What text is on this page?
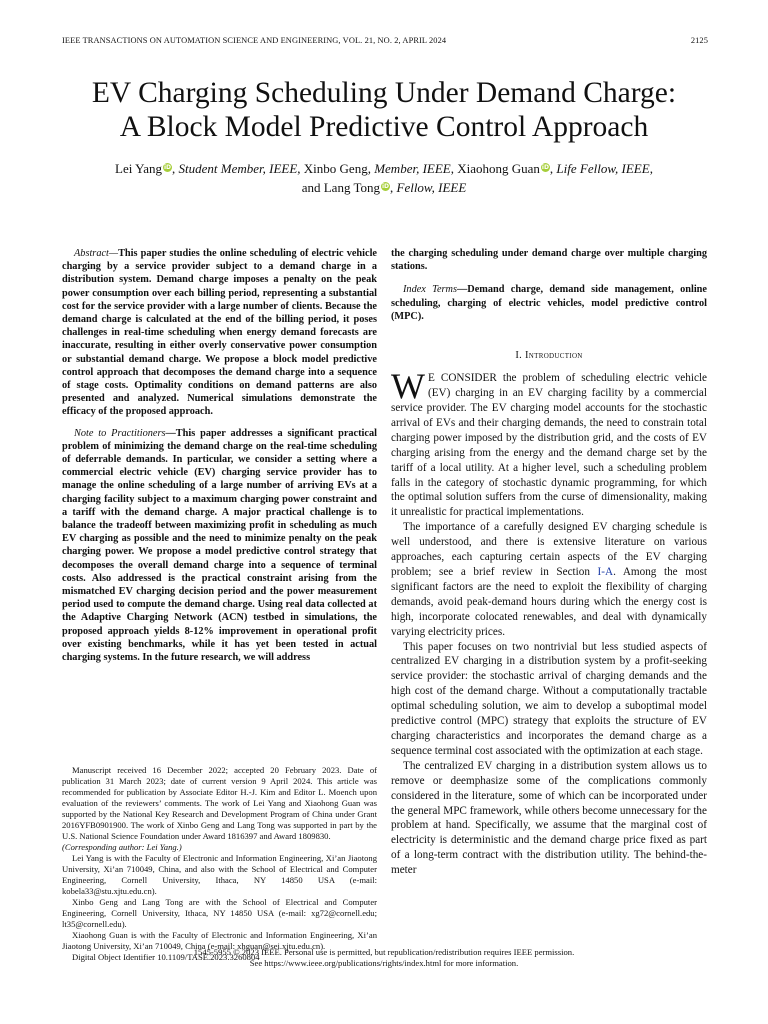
IEEE TRANSACTIONS ON AUTOMATION SCIENCE AND ENGINEERING, VOL. 21, NO. 2, APRIL 2024	2125
EV Charging Scheduling Under Demand Charge:
A Block Model Predictive Control Approach
Lei Yang iD, Student Member, IEEE, Xinbo Geng, Member, IEEE, Xiaohong Guan iD, Life Fellow, IEEE,
and Lang Tong iD, Fellow, IEEE

Abstract—This paper studies the online scheduling of electric vehicle charging by a service provider subject to a demand charge in a distribution system. Demand charge imposes a penalty on the peak power consumption over each billing period, representing a substantial cost for the service provider with a large number of clients. Because the demand charge is calculated at the end of the billing period, it poses challenges in real-time scheduling when energy demand forecasts are inaccurate, resulting in either overly conservative power consumption or substantial demand charge. We propose a block model predictive control approach that decomposes the demand charge into a sequence of stage costs. Optimality conditions on demand patterns are also presented and analyzed. Numerical simulations demonstrate the efficacy of the proposed approach.

Note to Practitioners—This paper addresses a significant practical problem of minimizing the demand charge on the real-time scheduling of deferrable demands. In particular, we consider a setting where a commercial electric vehicle (EV) charging service provider has to manage the online scheduling of a large number of arriving EVs at a charging facility subject to a maximum charging power constraint and a tariff with the demand charge. A major practical challenge is to balance the tradeoff between maximizing profit in scheduling as much EV charging as possible and the need to minimize penalty on the peak charging power. We propose a model predictive control strategy that decomposes the overall demand charge into a sequence of terminal costs. Also addressed is the practical constraint arising from the mismatched EV charging decision period and the power measurement period used to compute the demand charge. Using real data collected at the Adaptive Charging Network (ACN) testbed in simulations, the proposed approach yields 8-12% improvement in operational profit over existing benchmarks, while it has yet been tested in actual charging systems. In the future research, we will address

Manuscript received 16 December 2022; accepted 20 February 2023. Date of publication 31 March 2023; date of current version 9 April 2024. This article was recommended for publication by Associate Editor H.-J. Kim and Editor L. Moench upon evaluation of the reviewers’ comments. The work of Lei Yang and Xiaohong Guan was supported by the National Key Research and Development Program of China under Grant 2016YFB0901900. The work of Xinbo Geng and Lang Tong was supported in part by the U.S. National Science Foundation under Award 1816397 and Award 1809830.
(Corresponding author: Lei Yang.)

Lei Yang is with the Faculty of Electronic and Information Engineering, Xi’an Jiaotong University, Xi’an 710049, China, and also with the School of Electrical and Computer Engineering, Cornell University, Ithaca, NY 14850 USA (e-mail: kobela33@stu.xjtu.edu.cn).

Xinbo Geng and Lang Tong are with the School of Electrical and Computer Engineering, Cornell University, Ithaca, NY 14850 USA (e-mail: xg72@cornell.edu; lt35@cornell.edu).

Xiaohong Guan is with the Faculty of Electronic and Information Engineering, Xi’an Jiaotong University, Xi’an 710049, China (e-mail: xhguan@sei.xjtu.edu.cn).

Digital Object Identifier 10.1109/TASE.2023.3260804

the charging scheduling under demand charge over multiple charging stations.

Index Terms—Demand charge, demand side management, online scheduling, charging of electric vehicles, model predictive control (MPC).

I. Introduction

W E CONSIDER the problem of scheduling electric vehicle (EV) charging in an EV charging facility by a commercial service provider. The EV charging model accounts for the stochastic arrival of EVs and their charging demands, the need to constrain total charging power imposed by the distribution grid, and the costs of EV charging arising from the energy and the demand charge set by the tariff of a local utility. At a higher level, such a scheduling problem falls in the category of stochastic dynamic programming, for which the optimal solution suffers from the curse of dimensionality, making it unrealistic for practical implementations.

The importance of a carefully designed EV charging schedule is well understood, and there is extensive literature on various approaches, each capturing certain aspects of the EV charging problem; see a brief review in Section I-A. Among the most significant factors are the need to exploit the flexibility of charging demands, avoid peak-demand hours during which the energy cost is high, incorporate colocated renewables, and deal with dynamically varying electricity prices.

This paper focuses on two nontrivial but less studied aspects of centralized EV charging in a distribution system by a profit-seeking service provider: the stochastic arrival of charging demands and the high cost of the demand charge. Without a computationally tractable optimal scheduling solution, we aim to develop a suboptimal model predictive control (MPC) strategy that exploits the structure of EV charging characteristics and incorporates the demand charge as a sequence terminal cost associated with the optimization at each stage.

The centralized EV charging in a distribution system allows us to remove or deemphasize some of the complications commonly considered in the literature, some of which can be incorporated under the general MPC framework, while others become unnecessary for the problem at hand. Specifically, we assume that the marginal cost of electricity is deterministic and the demand charge price fixed as part of a long-term contract with the distribution utility. The behind-the-meter

1545-5955 © 2023 IEEE. Personal use is permitted, but republication/redistribution requires IEEE permission.
See https://www.ieee.org/publications/rights/index.html for more information.
